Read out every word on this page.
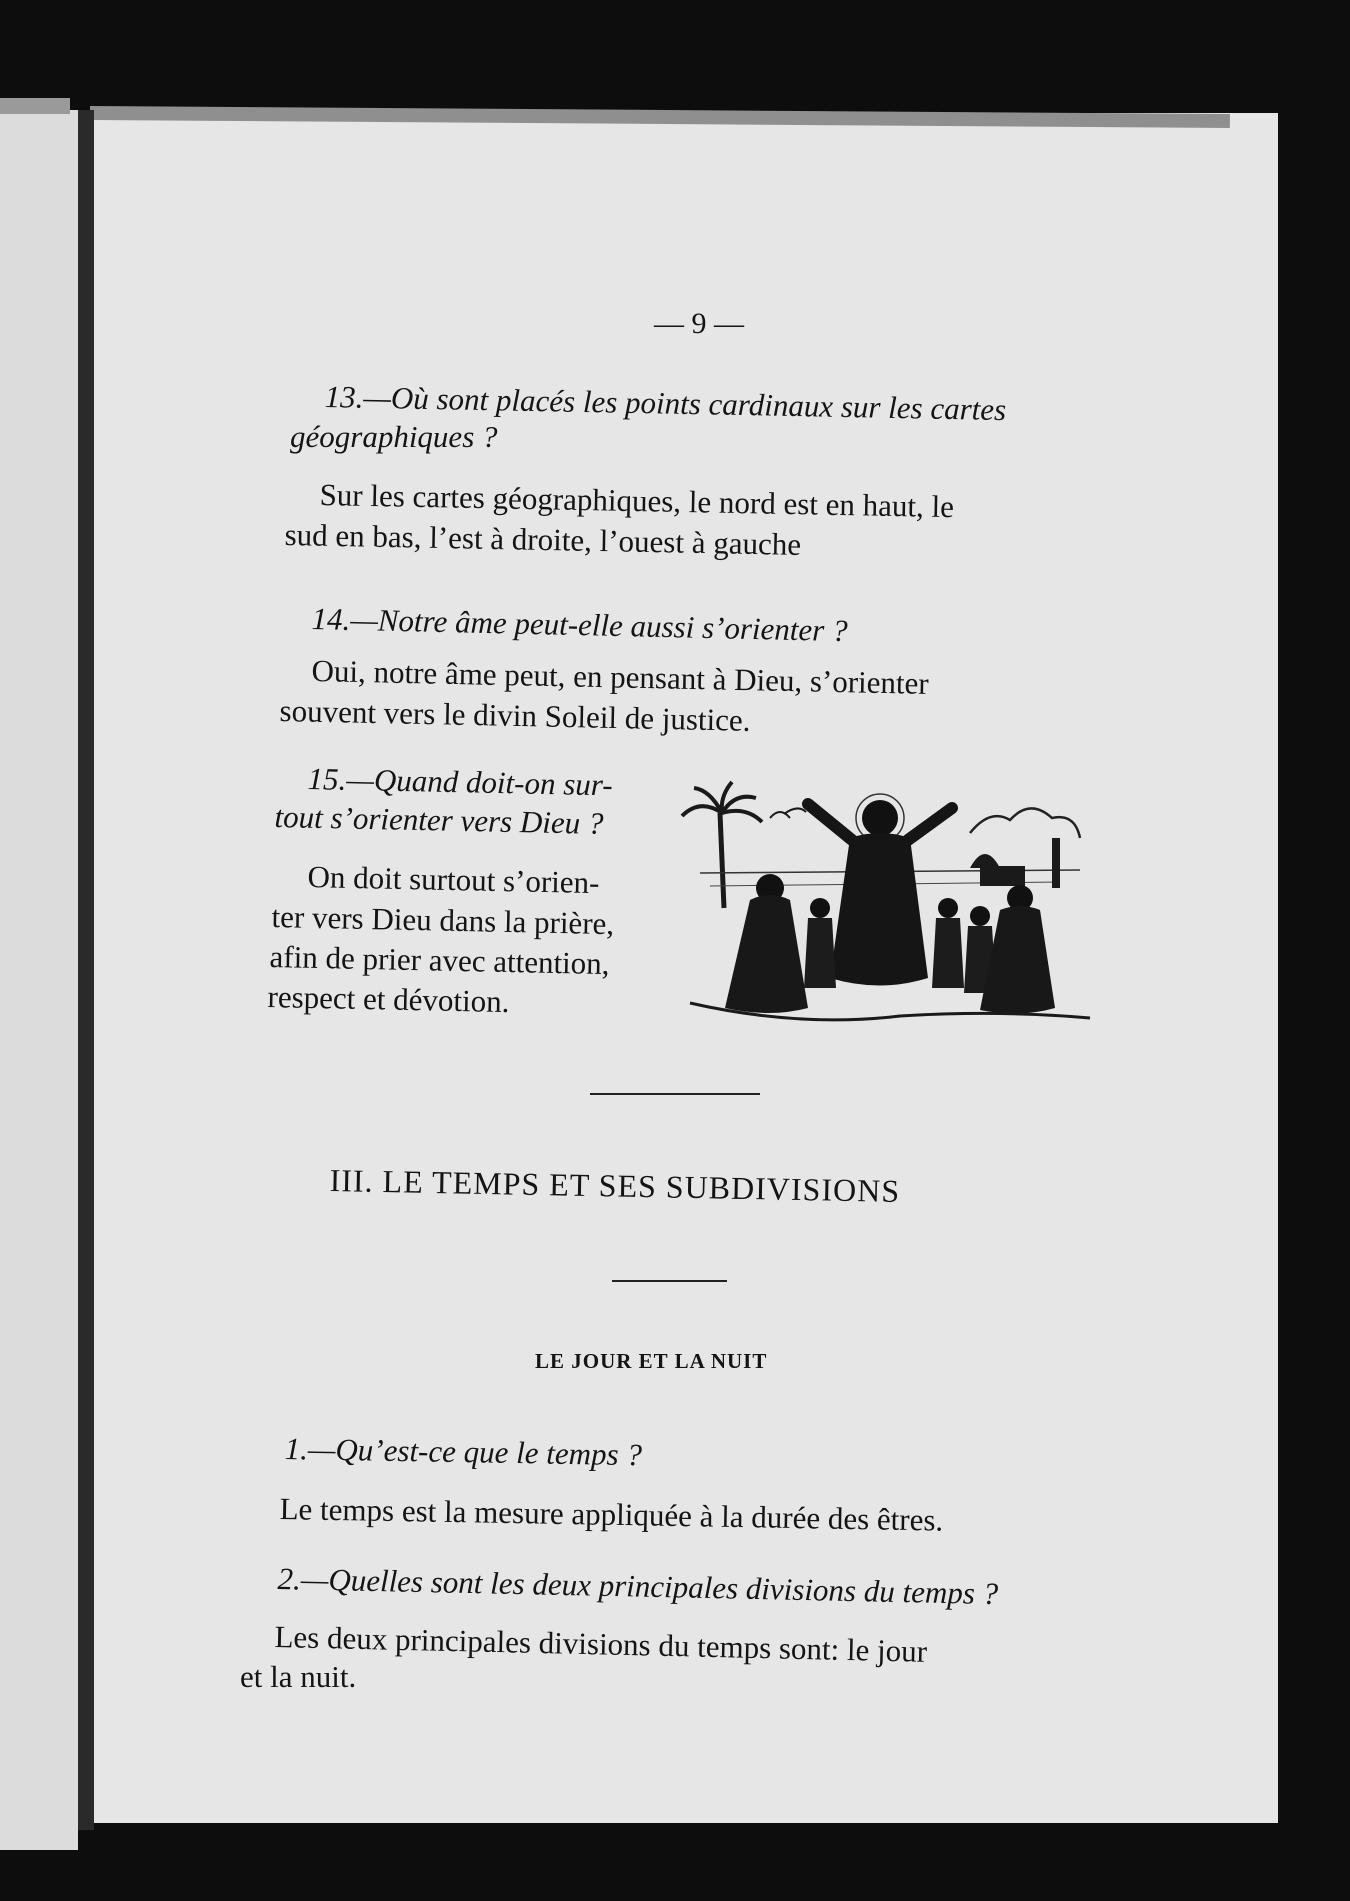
— 9 —

13.—Où sont placés les points cardinaux sur les cartes

géographiques ?

Sur les cartes géographiques, le nord est en haut, le

sud en bas, l’est à droite, l’ouest à gauche

14.—Notre âme peut-elle aussi s’orienter ?

Oui, notre âme peut, en pensant à Dieu, s’orienter

souvent vers le divin Soleil de justice.

15.—Quand doit-on sur-

tout s’orienter vers Dieu ?

On doit surtout s’orien-

ter vers Dieu dans la prière,

afin de prier avec attention,

respect et dévotion.

III. LE TEMPS ET SES SUBDIVISIONS

LE JOUR ET LA NUIT

1.—Qu’est-ce que le temps ?

Le temps est la mesure appliquée à la durée des êtres.

2.—Quelles sont les deux principales divisions du temps ?

Les deux principales divisions du temps sont: le jour

et la nuit.
